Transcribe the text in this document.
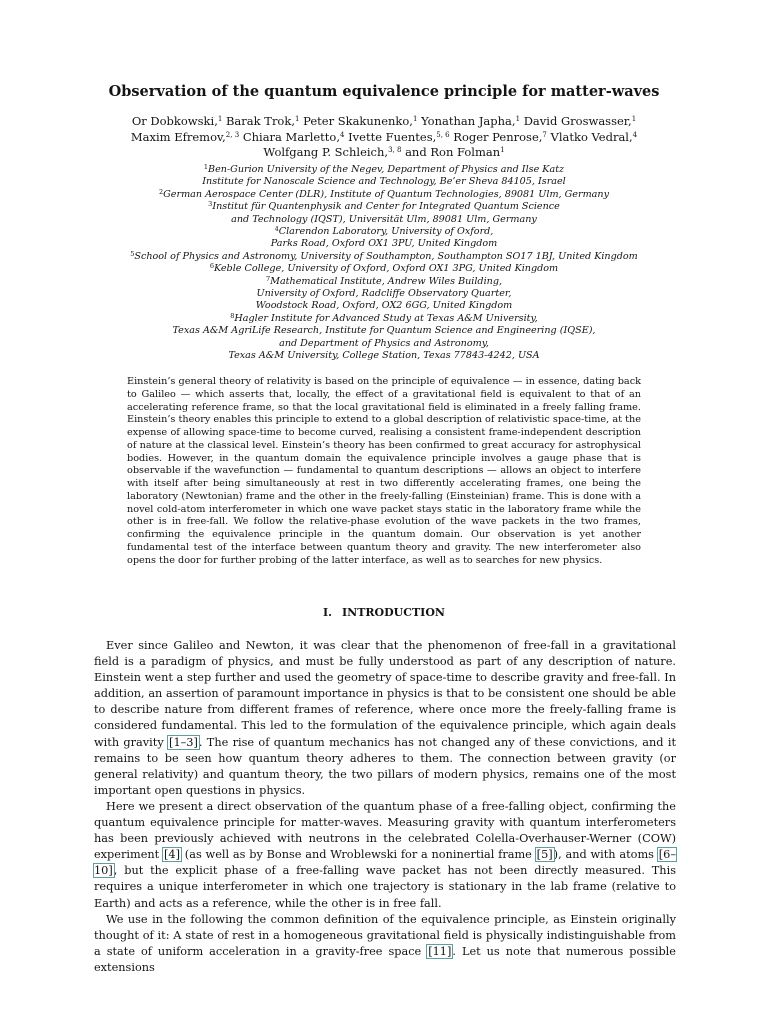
Observation of the quantum equivalence principle for matter-waves

Or Dobkowski,$^1$ Barak Trok,$^1$ Peter Skakunenko,$^1$ Yonathan Japha,$^1$ David Groswasser,$^1$ Maxim Efremov,$^{2, 3}$ Chiara Marletto,$^4$ Ivette Fuentes,$^{5, 6}$ Roger Penrose,$^7$ Vlatko Vedral,$^4$ Wolfgang P. Schleich,$^{3, 8}$ and Ron Folman$^1$

$^1$Ben-Gurion University of the Negev, Department of Physics and Ilse Katz
Institute for Nanoscale Science and Technology, Be’er Sheva 84105, Israel
$^2$German Aerospace Center (DLR), Institute of Quantum Technologies, 89081 Ulm, Germany
$^3$Institut für Quantenphysik and Center for Integrated Quantum Science
and Technology (IQST), Universität Ulm, 89081 Ulm, Germany
$^4$Clarendon Laboratory, University of Oxford,
Parks Road, Oxford OX1 3PU, United Kingdom
$^5$School of Physics and Astronomy, University of Southampton, Southampton SO17 1BJ, United Kingdom
$^6$Keble College, University of Oxford, Oxford OX1 3PG, United Kingdom
$^7$Mathematical Institute, Andrew Wiles Building,
University of Oxford, Radcliffe Observatory Quarter,
Woodstock Road, Oxford, OX2 6GG, United Kingdom
$^8$Hagler Institute for Advanced Study at Texas A&M University,
Texas A&M AgriLife Research, Institute for Quantum Science and Engineering (IQSE),
and Department of Physics and Astronomy,
Texas A&M University, College Station, Texas 77843-4242, USA

Einstein’s general theory of relativity is based on the principle of equivalence — in essence, dating back to Galileo — which asserts that, locally, the effect of a gravitational field is equivalent to that of an accelerating reference frame, so that the local gravitational field is eliminated in a freely falling frame. Einstein’s theory enables this principle to extend to a global description of relativistic space-time, at the expense of allowing space-time to become curved, realising a consistent frame-independent description of nature at the classical level. Einstein’s theory has been confirmed to great accuracy for astrophysical bodies. However, in the quantum domain the equivalence principle involves a gauge phase that is observable if the wavefunction — fundamental to quantum descriptions — allows an object to interfere with itself after being simultaneously at rest in two differently accelerating frames, one being the laboratory (Newtonian) frame and the other in the freely-falling (Einsteinian) frame. This is done with a novel cold-atom interferometer in which one wave packet stays static in the laboratory frame while the other is in free-fall. We follow the relative-phase evolution of the wave packets in the two frames, confirming the equivalence principle in the quantum domain. Our observation is yet another fundamental test of the interface between quantum theory and gravity. The new interferometer also opens the door for further probing of the latter interface, as well as to searches for new physics.

I. INTRODUCTION

Ever since Galileo and Newton, it was clear that the phenomenon of free-fall in a gravitational field is a paradigm of physics, and must be fully understood as part of any description of nature. Einstein went a step further and used the geometry of space-time to describe gravity and free-fall. In addition, an assertion of paramount importance in physics is that to be consistent one should be able to describe nature from different frames of reference, where once more the freely-falling frame is considered fundamental. This led to the formulation of the equivalence principle, which again deals with gravity [1–3]. The rise of quantum mechanics has not changed any of these convictions, and it remains to be seen how quantum theory adheres to them. The connection between gravity (or general relativity) and quantum theory, the two pillars of modern physics, remains one of the most important open questions in physics.

Here we present a direct observation of the quantum phase of a free-falling object, confirming the quantum equivalence principle for matter-waves. Measuring gravity with quantum interferometers has been previously achieved with neutrons in the celebrated Colella-Overhauser-Werner (COW) experiment [4] (as well as by Bonse and Wroblewski for a noninertial frame [5]), and with atoms [6–10], but the explicit phase of a free-falling wave packet has not been directly measured. This requires a unique interferometer in which one trajectory is stationary in the lab frame (relative to Earth) and acts as a reference, while the other is in free fall.

We use in the following the common definition of the equivalence principle, as Einstein originally thought of it: A state of rest in a homogeneous gravitational field is physically indistinguishable from a state of uniform acceleration in a gravity-free space [11]. Let us note that numerous possible extensions
